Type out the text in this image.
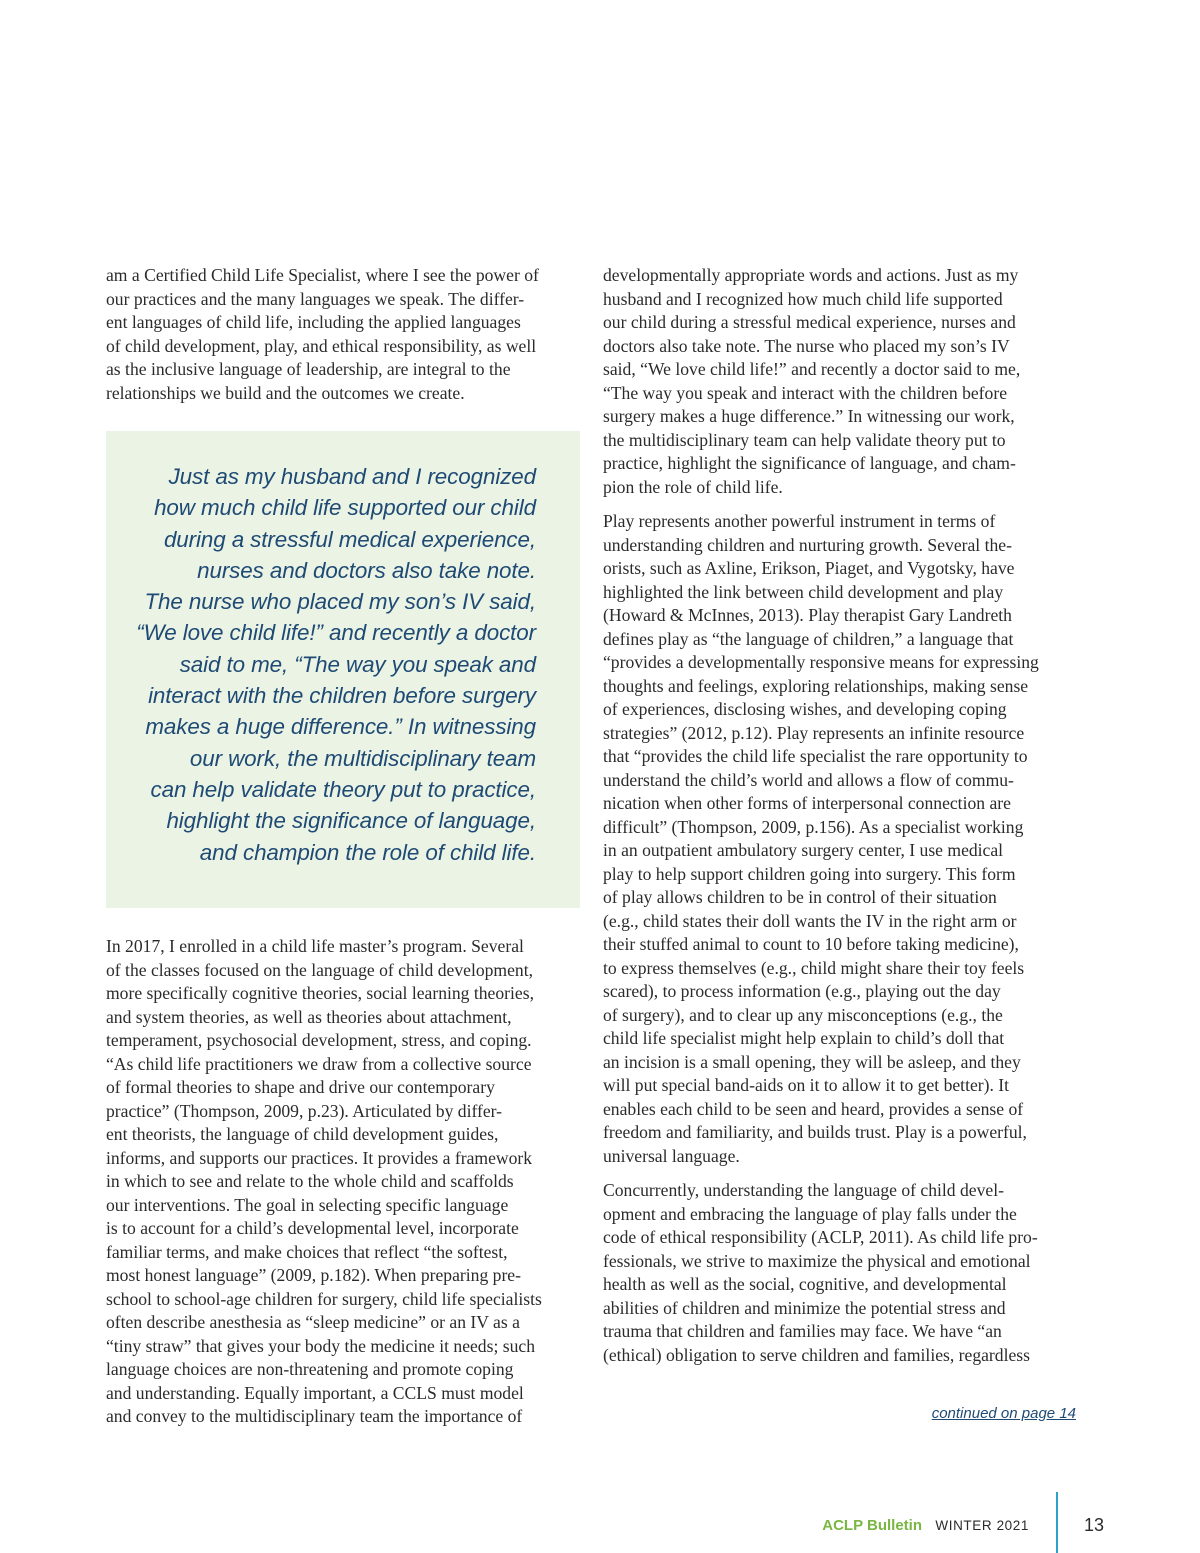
am a Certified Child Life Specialist, where I see the power of
our practices and the many languages we speak. The differ-
ent languages of child life, including the applied languages
of child development, play, and ethical responsibility, as well
as the inclusive language of leadership, are integral to the
relationships we build and the outcomes we create.
Just as my husband and I recognized
how much child life supported our child
during a stressful medical experience,
nurses and doctors also take note.
The nurse who placed my son’s IV said,
“We love child life!” and recently a doctor
said to me, “The way you speak and
interact with the children before surgery
makes a huge difference.” In witnessing
our work, the multidisciplinary team
can help validate theory put to practice,
highlight the significance of language,
and champion the role of child life.
In 2017, I enrolled in a child life master’s program. Several
of the classes focused on the language of child development,
more specifically cognitive theories, social learning theories,
and system theories, as well as theories about attachment,
temperament, psychosocial development, stress, and coping.
“As child life practitioners we draw from a collective source
of formal theories to shape and drive our contemporary
practice” (Thompson, 2009, p.23). Articulated by differ-
ent theorists, the language of child development guides,
informs, and supports our practices. It provides a framework
in which to see and relate to the whole child and scaffolds
our interventions. The goal in selecting specific language
is to account for a child’s developmental level, incorporate
familiar terms, and make choices that reflect “the softest,
most honest language” (2009, p.182). When preparing pre-
school to school-age children for surgery, child life specialists
often describe anesthesia as “sleep medicine” or an IV as a
“tiny straw” that gives your body the medicine it needs; such
language choices are non-threatening and promote coping
and understanding. Equally important, a CCLS must model
and convey to the multidisciplinary team the importance of
developmentally appropriate words and actions. Just as my
husband and I recognized how much child life supported
our child during a stressful medical experience, nurses and
doctors also take note. The nurse who placed my son’s IV
said, “We love child life!” and recently a doctor said to me,
“The way you speak and interact with the children before
surgery makes a huge difference.” In witnessing our work,
the multidisciplinary team can help validate theory put to
practice, highlight the significance of language, and cham-
pion the role of child life.
Play represents another powerful instrument in terms of
understanding children and nurturing growth. Several the-
orists, such as Axline, Erikson, Piaget, and Vygotsky, have
highlighted the link between child development and play
(Howard & McInnes, 2013). Play therapist Gary Landreth
defines play as “the language of children,” a language that
“provides a developmentally responsive means for expressing
thoughts and feelings, exploring relationships, making sense
of experiences, disclosing wishes, and developing coping
strategies” (2012, p.12). Play represents an infinite resource
that “provides the child life specialist the rare opportunity to
understand the child’s world and allows a flow of commu-
nication when other forms of interpersonal connection are
difficult” (Thompson, 2009, p.156). As a specialist working
in an outpatient ambulatory surgery center, I use medical
play to help support children going into surgery. This form
of play allows children to be in control of their situation
(e.g., child states their doll wants the IV in the right arm or
their stuffed animal to count to 10 before taking medicine),
to express themselves (e.g., child might share their toy feels
scared), to process information (e.g., playing out the day
of surgery), and to clear up any misconceptions (e.g., the
child life specialist might help explain to child’s doll that
an incision is a small opening, they will be asleep, and they
will put special band-aids on it to allow it to get better). It
enables each child to be seen and heard, provides a sense of
freedom and familiarity, and builds trust. Play is a powerful,
universal language.
Concurrently, understanding the language of child devel-
opment and embracing the language of play falls under the
code of ethical responsibility (ACLP, 2011). As child life pro-
fessionals, we strive to maximize the physical and emotional
health as well as the social, cognitive, and developmental
abilities of children and minimize the potential stress and
trauma that children and families may face. We have “an
(ethical) obligation to serve children and families, regardless
continued on page 14
ACLP Bulletin WINTER 2021	13
